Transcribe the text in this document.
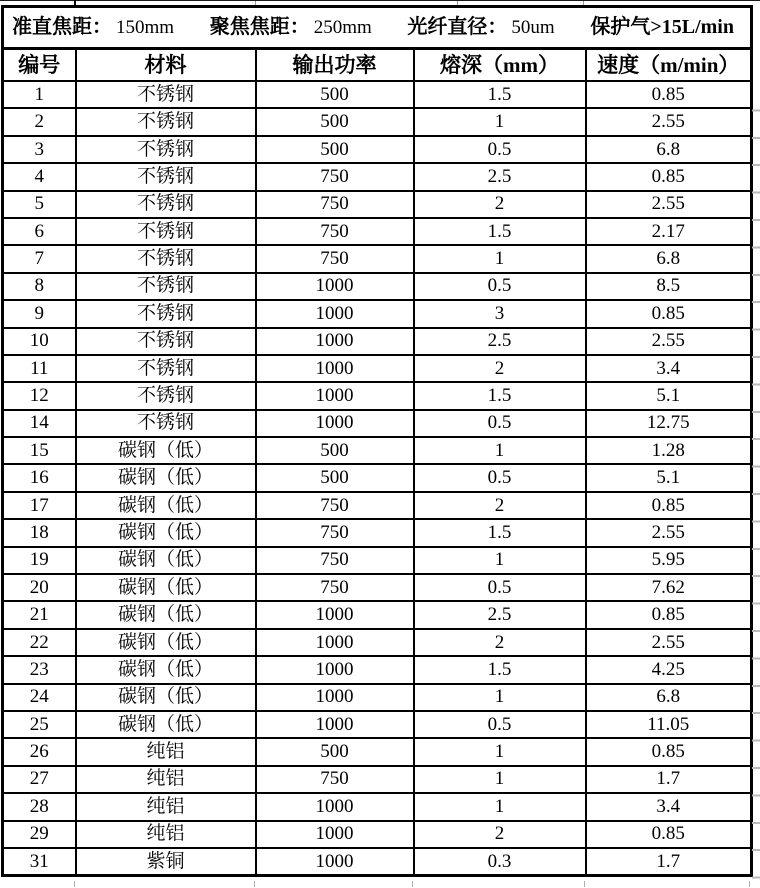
准直焦距： 150mm 聚焦焦距： 250mm 光纤直径： 50um 保护气>15L/min				

编号	材料	输出功率	熔深（mm）	速度（m/min）
1	不锈钢	500	1.5	0.85
2	不锈钢	500	1	2.55
3	不锈钢	500	0.5	6.8
4	不锈钢	750	2.5	0.85
5	不锈钢	750	2	2.55
6	不锈钢	750	1.5	2.17
7	不锈钢	750	1	6.8
8	不锈钢	1000	0.5	8.5
9	不锈钢	1000	3	0.85
10	不锈钢	1000	2.5	2.55
11	不锈钢	1000	2	3.4
12	不锈钢	1000	1.5	5.1
14	不锈钢	1000	0.5	12.75
15	碳钢（低）	500	1	1.28
16	碳钢（低）	500	0.5	5.1
17	碳钢（低）	750	2	0.85
18	碳钢（低）	750	1.5	2.55
19	碳钢（低）	750	1	5.95
20	碳钢（低）	750	0.5	7.62
21	碳钢（低）	1000	2.5	0.85
22	碳钢（低）	1000	2	2.55
23	碳钢（低）	1000	1.5	4.25
24	碳钢（低）	1000	1	6.8
25	碳钢（低）	1000	0.5	11.05
26	纯铝	500	1	0.85
27	纯铝	750	1	1.7
28	纯铝	1000	1	3.4
29	纯铝	1000	2	0.85
31	紫铜	1000	0.3	1.7
